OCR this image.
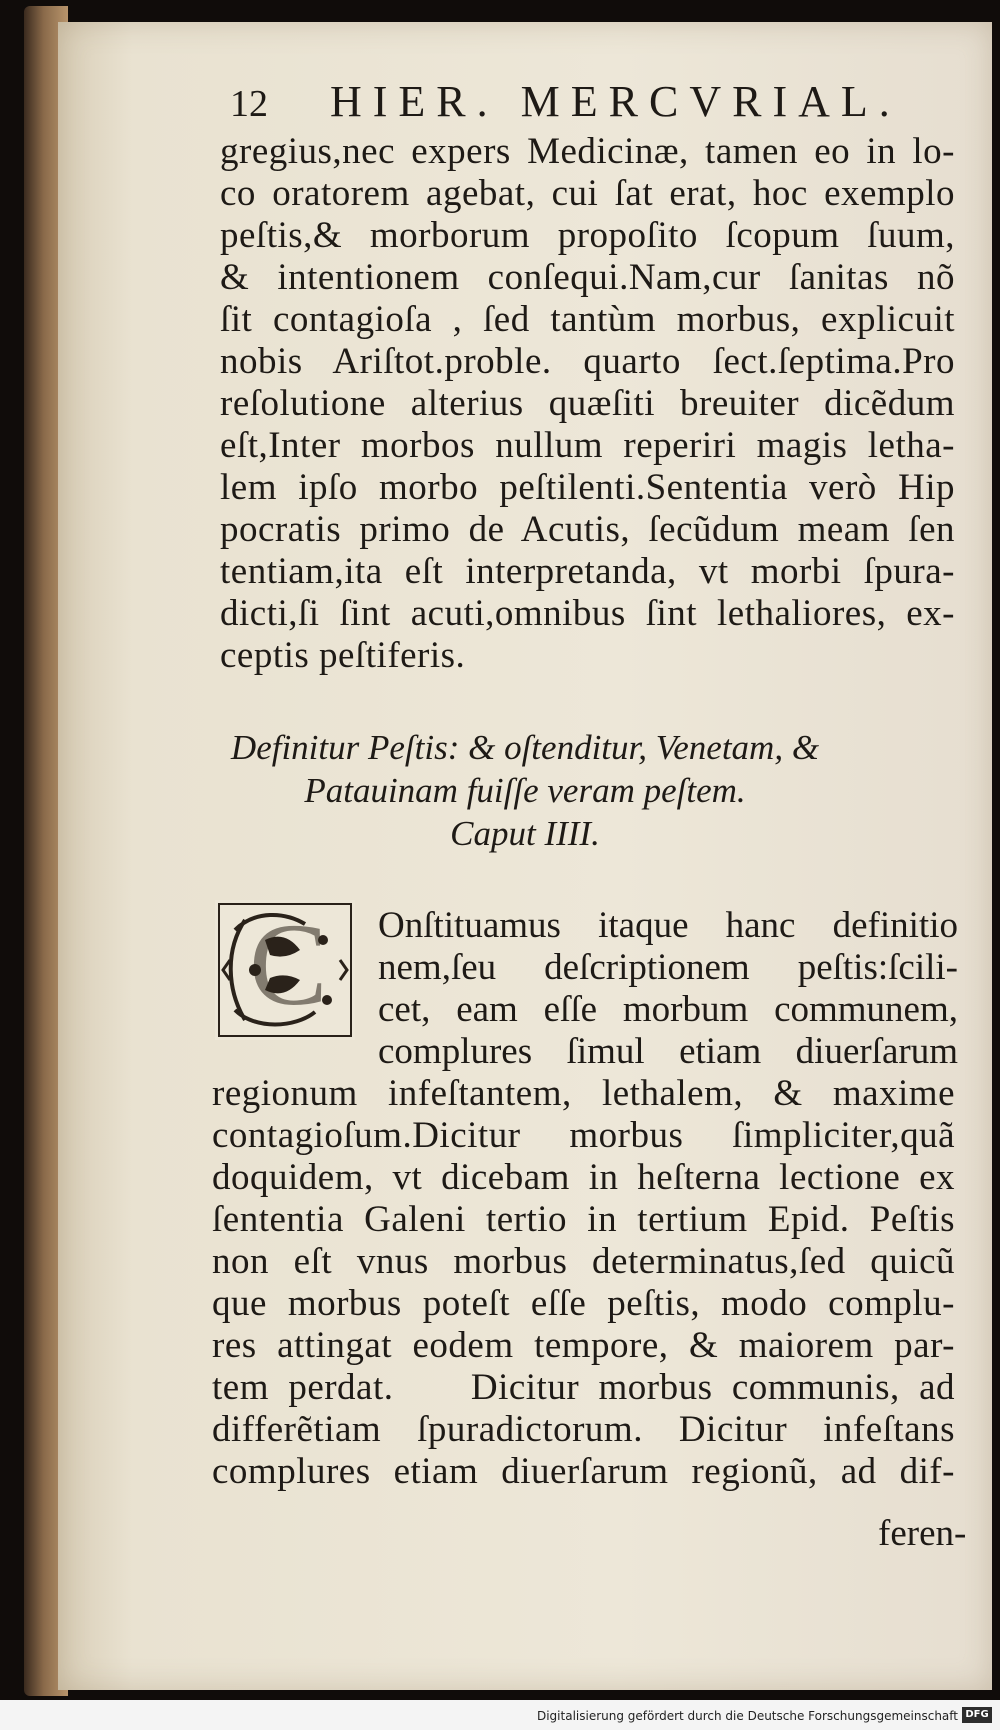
12 HIER. MERCVRIAL.
gregius,nec expers Medicinæ, tamen eo in lo-
co oratorem agebat, cui ſat erat, hoc exemplo
peſtis,& morborum propoſito ſcopum ſuum,
& intentionem conſequi.Nam,cur ſanitas nõ
ſit contagioſa , ſed tantùm morbus, explicuit
nobis Ariſtot.proble. quarto ſect.ſeptima.Pro
reſolutione alterius quæſiti breuiter dicẽdum
eſt,Inter morbos nullum reperiri magis letha-
lem ipſo morbo peſtilenti.Sententia verò Hip
pocratis primo de Acutis, ſecũdum meam ſen
tentiam,ita eſt interpretanda, vt morbi ſpura-
dicti,ſi ſint acuti,omnibus ſint lethaliores, ex-
ceptis peſtiferis.
Definitur Peſtis: & oſtenditur, Venetam, &
Patauinam fuiſſe veram peſtem.
Caput IIII.
C Onſtituamus itaque hanc definitio
nem,ſeu deſcriptionem peſtis:ſcili-
cet, eam eſſe morbum communem,
complures ſimul etiam diuerſarum
regionum infeſtantem, lethalem, & maxime
contagioſum.Dicitur morbus ſimpliciter,quã
doquidem, vt dicebam in heſterna lectione ex
ſententia Galeni tertio in tertium Epid. Peſtis
non eſt vnus morbus determinatus,ſed quicũ
que morbus poteſt eſſe peſtis, modo complu-
res attingat eodem tempore, & maiorem par-
tem perdat.    Dicitur morbus communis, ad
differẽtiam ſpuradictorum. Dicitur infeſtans
complures etiam diuerſarum regionũ, ad dif-
feren-
Digitalisierung gefördert durch die Deutsche Forschungsgemeinschaft DFG
